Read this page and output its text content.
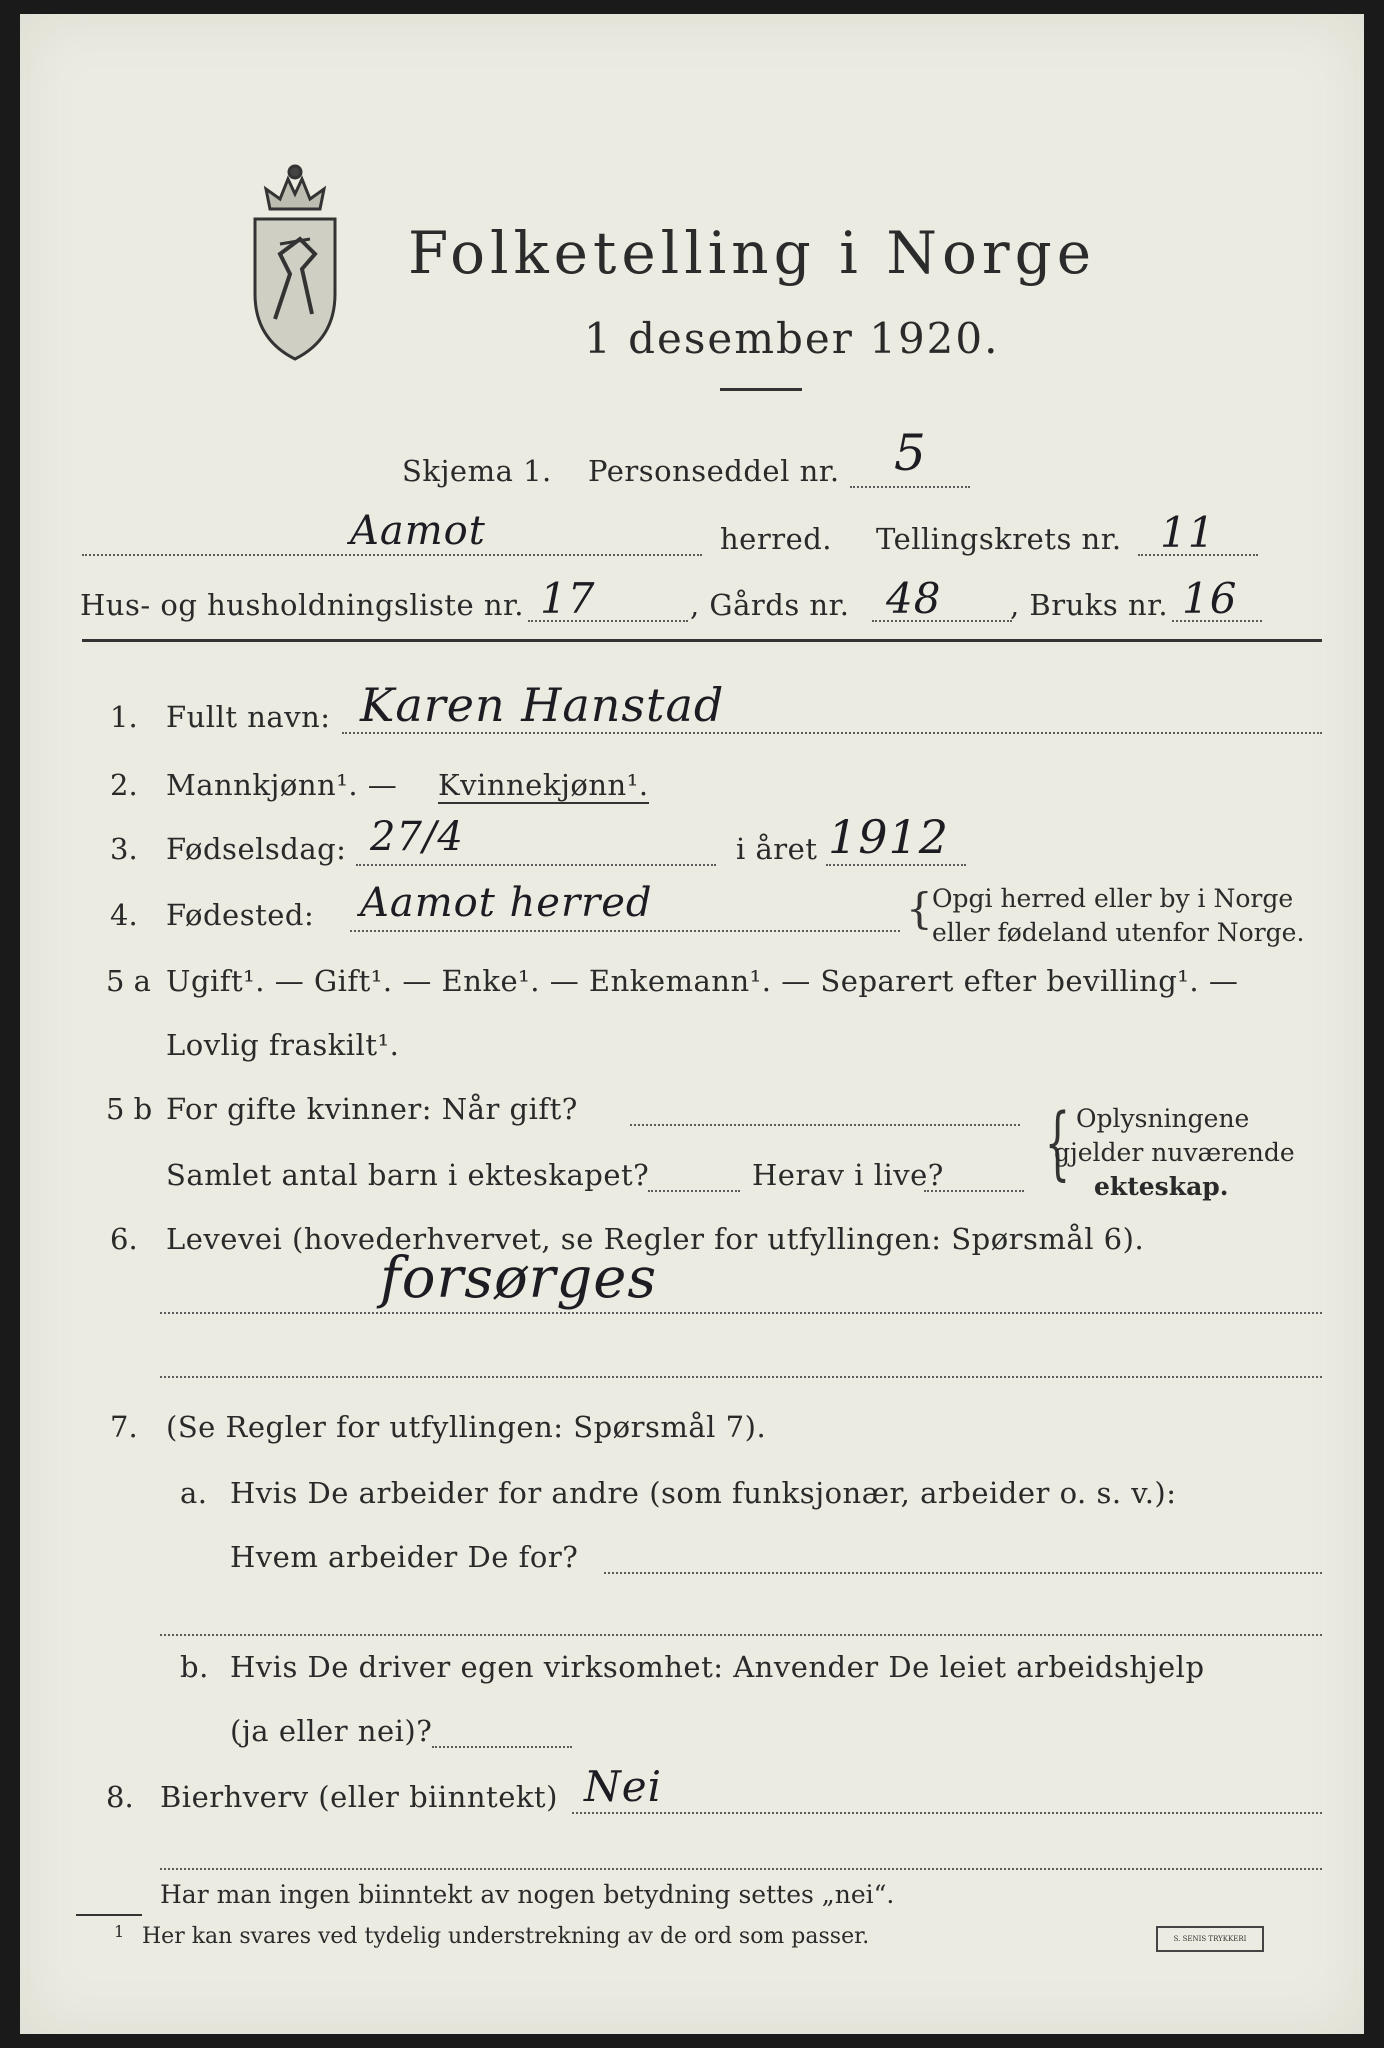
Folketelling i Norge
1 desember 1920.
Skjema 1. Personseddel nr. 5
Aamot	herred. Tellingskrets nr. 11
Hus- og husholdningsliste nr. 17	, Gårds nr. 48 , Bruks nr. 16
1. Fullt navn: Karen Hanstad
2. Mannkjønn¹. — Kvinnekjønn¹.
3. Fødselsdag: 27/4	i året 1912
4. Fødested: Aamot herred	{ Opgi herred eller by i Norge
eller fødeland utenfor Norge.
5 a Ugift¹. — Gift¹. — Enke¹. — Enkemann¹. — Separert efter bevilling¹. —
Lovlig fraskilt¹.
5 b For gifte kvinner: Når gift?
Samlet antal barn i ekteskapet?	Herav i live? { Oplysningene
gjelder nuværende
ekteskap.
6. Levevei (hovederhvervet, se Regler for utfyllingen: Spørsmål 6).
forsørges
7. (Se Regler for utfyllingen: Spørsmål 7).
a. Hvis De arbeider for andre (som funksjonær, arbeider o. s. v.):
Hvem arbeider De for?
b. Hvis De driver egen virksomhet: Anvender De leiet arbeidshjelp
(ja eller nei)?
8. Bierhverv (eller biinntekt) Nei
Har man ingen biinntekt av nogen betydning settes „nei“.
1 Her kan svares ved tydelig understrekning av de ord som passer.	S. SENIS TRYKKERI
